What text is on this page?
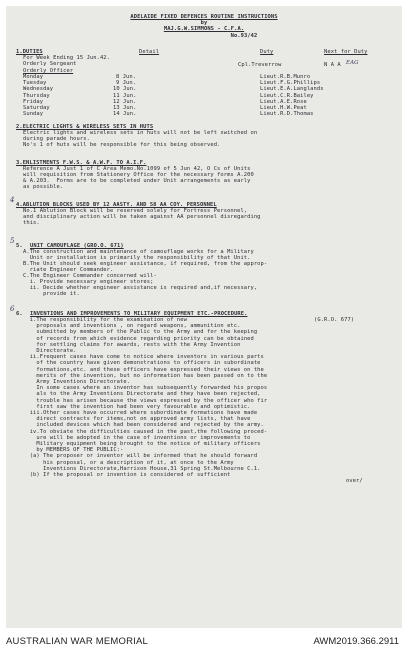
ADELAIDE FIXED DEFENCES ROUTINE INSTRUCTIONS
by
MAJ.G.W.SIMMONS - C.F.A.
No.93/42
1.DUTIES	Detail	Duty	Next for Duty
For Week Ending 15 Jun.42.
Orderly Sergeant	Cpl.Treverrow	N A A
Orderly Officer
EAG
Monday	8 Jun.	Lieut.R.B.Munro
Tuesday	9 Jun.	Lieut.F.G.Phillips
Wednesday	10 Jun.	Lieut.E.A.Langlands
Thursday	11 Jun.	Lieut.C.R.Bailey
Friday	12 Jun.	Lieut.A.E.Rose
Saturday	13 Jun.	Lieut.H.W.Peat
Sunday	14 Jun.	Lieut.R.D.Thomas
2.ELECTRIC LIGHTS & WIRELESS SETS IN HUTS
Electric lights and wireless sets in huts will not be left switched on
during parade hours.
No's 1 of huts will be responsible for this being observed.
3.ENLISTMENTS F.W.S. & A.W.F. TO A.I.F.
Reference A Just 1 of C Area Memo.No.1099 of 5 Jun 42, O Cs of Units
will requisition from Stationery Office for the necessary forms A.200
& A.203.  Forms are to be completed under Unit arrangements as early
as possible.
4.ABLUTION BLOCKS USED BY 12 AASTY. AND 58 AA COY. PERSONNEL
4
No.1 Ablution Block will be reserved solely for Fortress Personnel,
and disciplinary action will be taken against AA personnel disregarding
this.
5
5. UNIT CAMOUFLAGE (GRO.O. 671)
A.The construction and maintenance of camouflage works for a Military
Unit or installation is primarily the responsibility of that Unit.
B.The Unit should seek engineer assistance, if required, from the approp-
riate Engineer Commander.
C.The Engineer Commander concerned will-
i. Provide necessary engineer stores;
ii. Decide whether engineer assistance is required and,if necessary,
provide it.
6
6. INVENTIONS AND IMPROVEMENTS TO MILITARY EQUIPMENT ETC.-PROCEDURE.
(G.R.O. 677)
i.The responsibility for the examination of new
proposals and inventions , on regard weapons, ammunition etc.
submitted by members of the Public to the Army and for the keeping
of records from which evidence regarding priority can be obtained
for settling claims for awards, rests with the Army Invention
Directorate.
ii.Frequent cases have come to notice where inventors in various parts
of the country have given demonstrations to officers in subordinate
formations,etc. and these officers have expressed their views on the
merits of the invention, but no information has been passed on to the
Army Inventions Directorate.
In some cases where an inventor has subsequently forwarded his propos
als to the Army Inventions Directorate and they have been rejected,
trouble has arisen because the views expressed by the officer who fir
first saw the invention had been very favourable and optimistic.
iii.Other cases have occurred where subordinate formations have made
direct contracts for items,not on approved army lists, that have
included devices which had been considered and rejected by the army.
iv.To obviate the difficulties caused in the past,the following proced-
ure will be adopted in the case of inventions or improvements to
Military equipment being brought to the notice of military officers
by MEMBERS OF THE PUBLIC:-
(a) The proposer or inventor will be informed that he should forward
his proposal, or a description of it, at once to the Army
Inventions Directorate,Harrison House,31 Spring St.Melbourne C.1.
(b) If the proposal or invention is considered of sufficient
over/
AUSTRALIAN WAR MEMORIAL	AWM2019.366.2911
